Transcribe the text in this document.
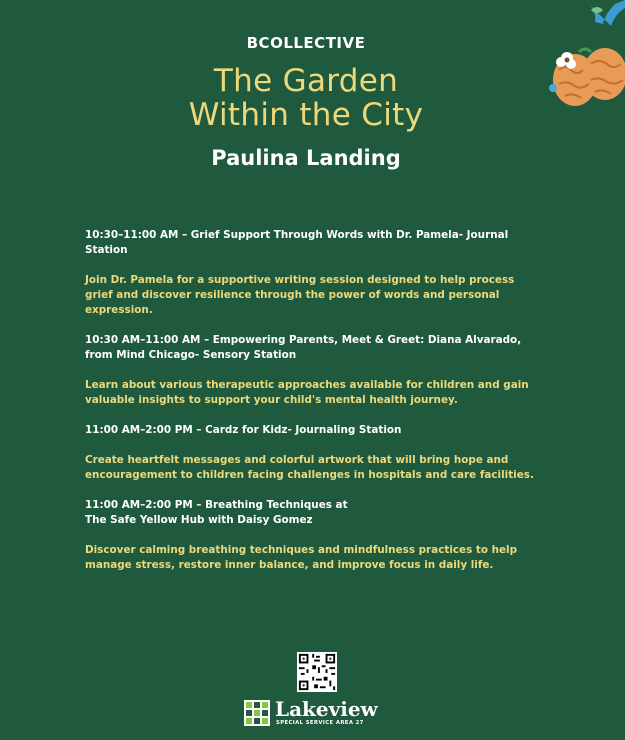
BCOLLECTIVE
The Garden
Within the City
Paulina Landing

10:30–11:00 AM – Grief Support Through Words with Dr. Pamela- Journal Station

Join Dr. Pamela for a supportive writing session designed to help process grief and discover resilience through the power of words and personal expression.

10:30 AM–11:00 AM – Empowering Parents, Meet & Greet: Diana Alvarado, from Mind Chicago- Sensory Station

Learn about various therapeutic approaches available for children and gain valuable insights to support your child's mental health journey.

11:00 AM–2:00 PM – Cardz for Kidz- Journaling Station

Create heartfelt messages and colorful artwork that will bring hope and encouragement to children facing challenges in hospitals and care facilities.

11:00 AM–2:00 PM – Breathing Techniques at
The Safe Yellow Hub with Daisy Gomez

Discover calming breathing techniques and mindfulness practices to help manage stress, restore inner balance, and improve focus in daily life.

Lakeview
SPECIAL SERVICE AREA 27
